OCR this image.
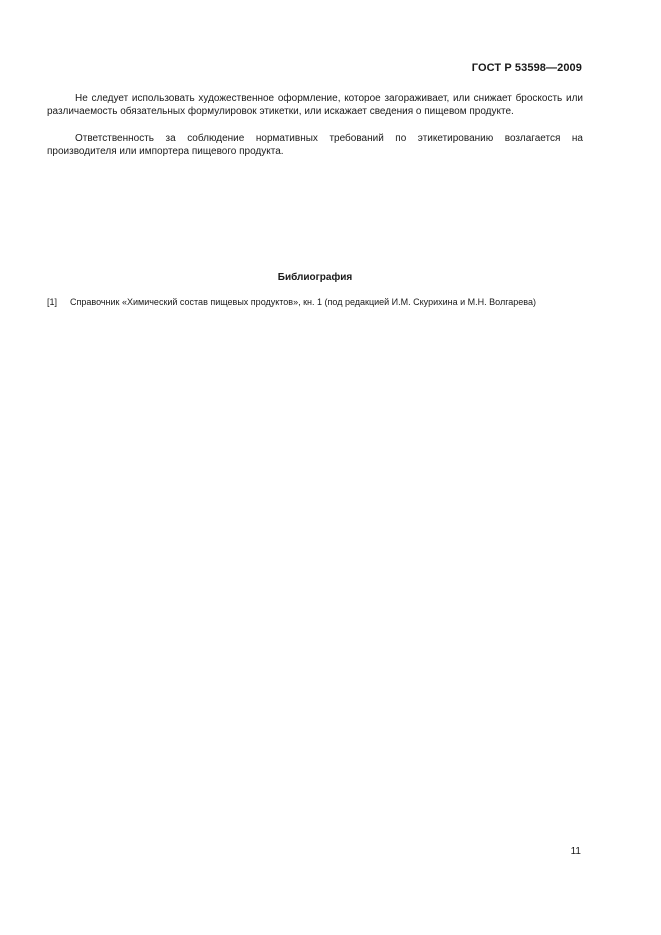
ГОСТ Р 53598—2009

Не следует использовать художественное оформление, которое загораживает, или снижает броскость или различаемость обязательных формулировок этикетки, или искажает сведения о пищевом продукте.

Ответственность за соблюдение нормативных требований по этикетированию возлагается на производителя или импортера пищевого продукта.

Библиография
[1] Справочник «Химический состав пищевых продуктов», кн. 1 (под редакцией И.М. Скурихина и М.Н. Волгарева)
11
